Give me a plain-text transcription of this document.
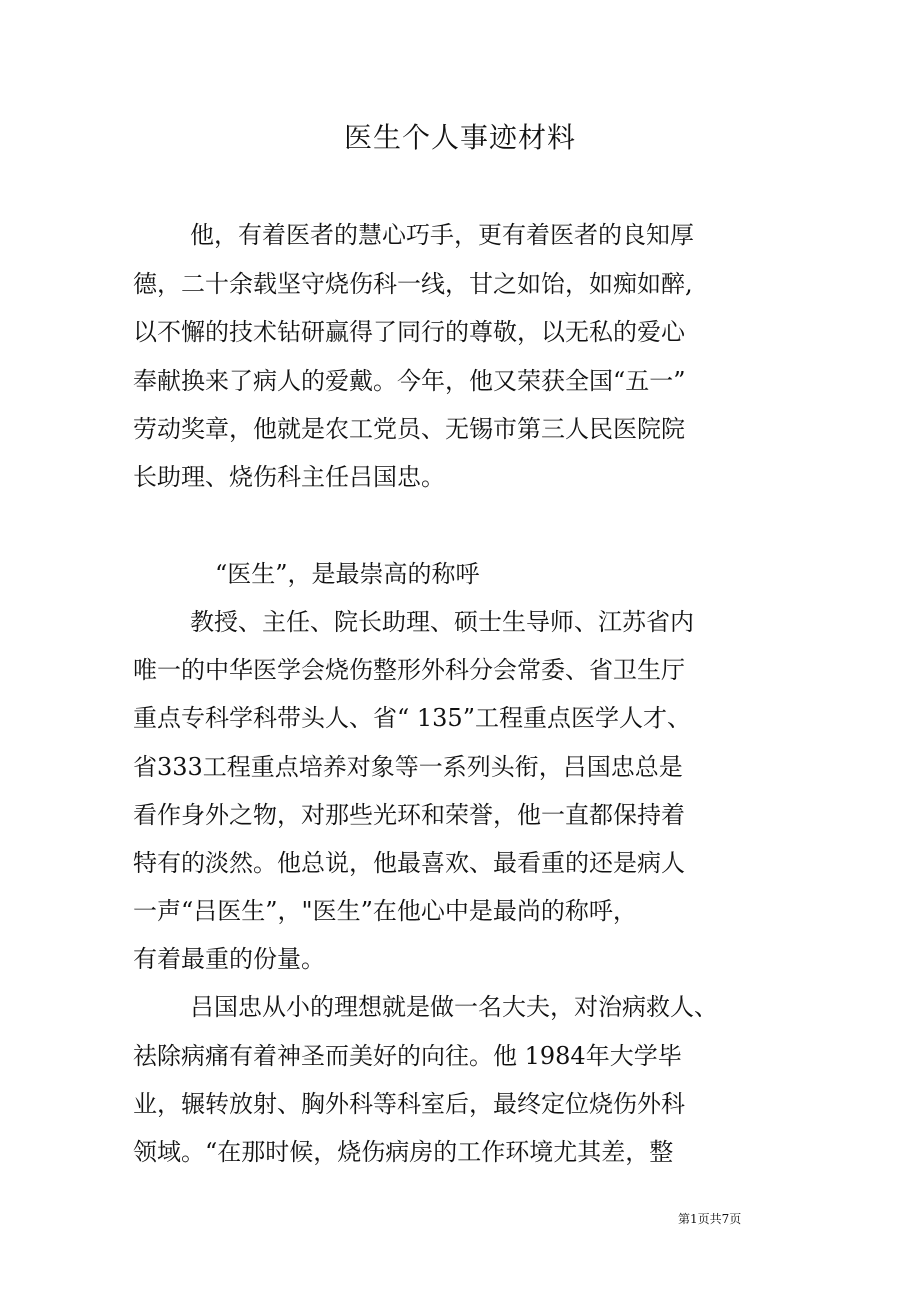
医生个人事迹材料
他，有着医者的慧心巧手，更有着医者的良知厚
德，二十余载坚守烧伤科一线，甘之如饴，如痴如醉,
以不懈的技术钻研赢得了同行的尊敬，以无私的爱心
奉献换来了病人的爱戴。今年，他又荣获全国“五一”
劳动奖章，他就是农工党员、无锡市第三人民医院院
长助理、烧伤科主任吕国忠。
“医生”，是最崇高的称呼
教授、主任、院长助理、硕士生导师、江苏省内
唯一的中华医学会烧伤整形外科分会常委、省卫生厅
重点专科学科带头人、省“ 135”工程重点医学人才、
省333工程重点培养对象等一系列头衔，吕国忠总是
看作身外之物，对那些光环和荣誉，他一直都保持着
特有的淡然。他总说，他最喜欢、最看重的还是病人
一声“吕医生”，"医生”在他心中是最尚的称呼，
有着最重的份量。
吕国忠从小的理想就是做一名大夫，对治病救人、
祛除病痛有着神圣而美好的向往。他 1984年大学毕
业，辗转放射、胸外科等科室后，最终定位烧伤外科
领域。“在那时候，烧伤病房的工作环境尤其差，整
第1页共7页
